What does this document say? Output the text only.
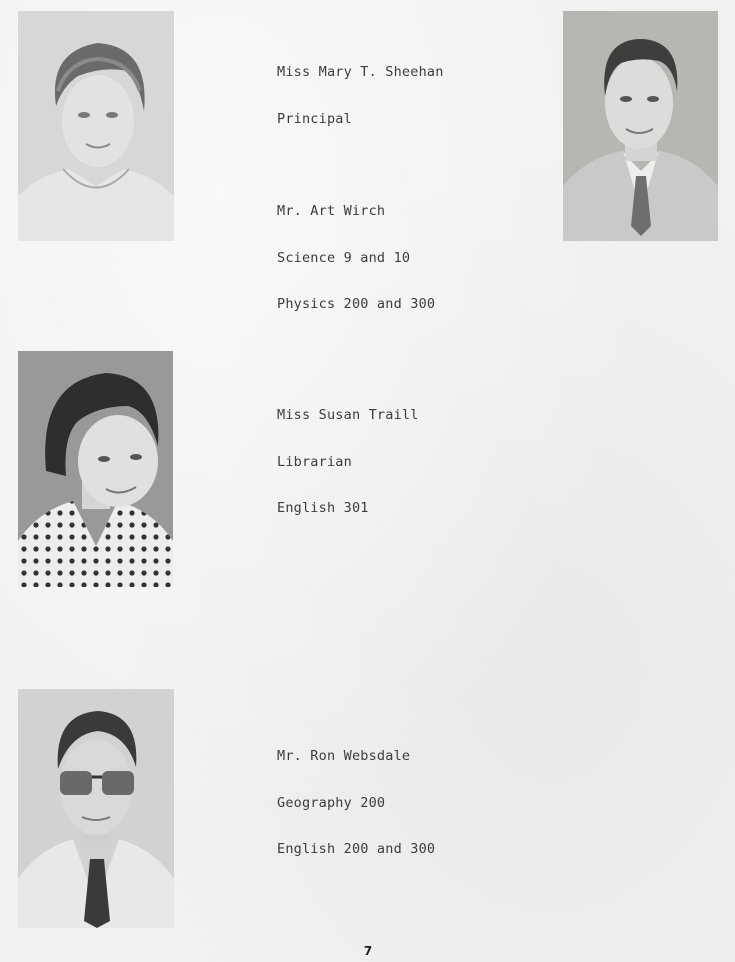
Miss Mary T. Sheehan

Principal

Mr. Art Wirch

Science 9 and 10

Physics 200 and 300

Miss Susan Traill

Librarian

English 301

Mr. Ron Websdale

Geography 200

English 200 and 300

7
